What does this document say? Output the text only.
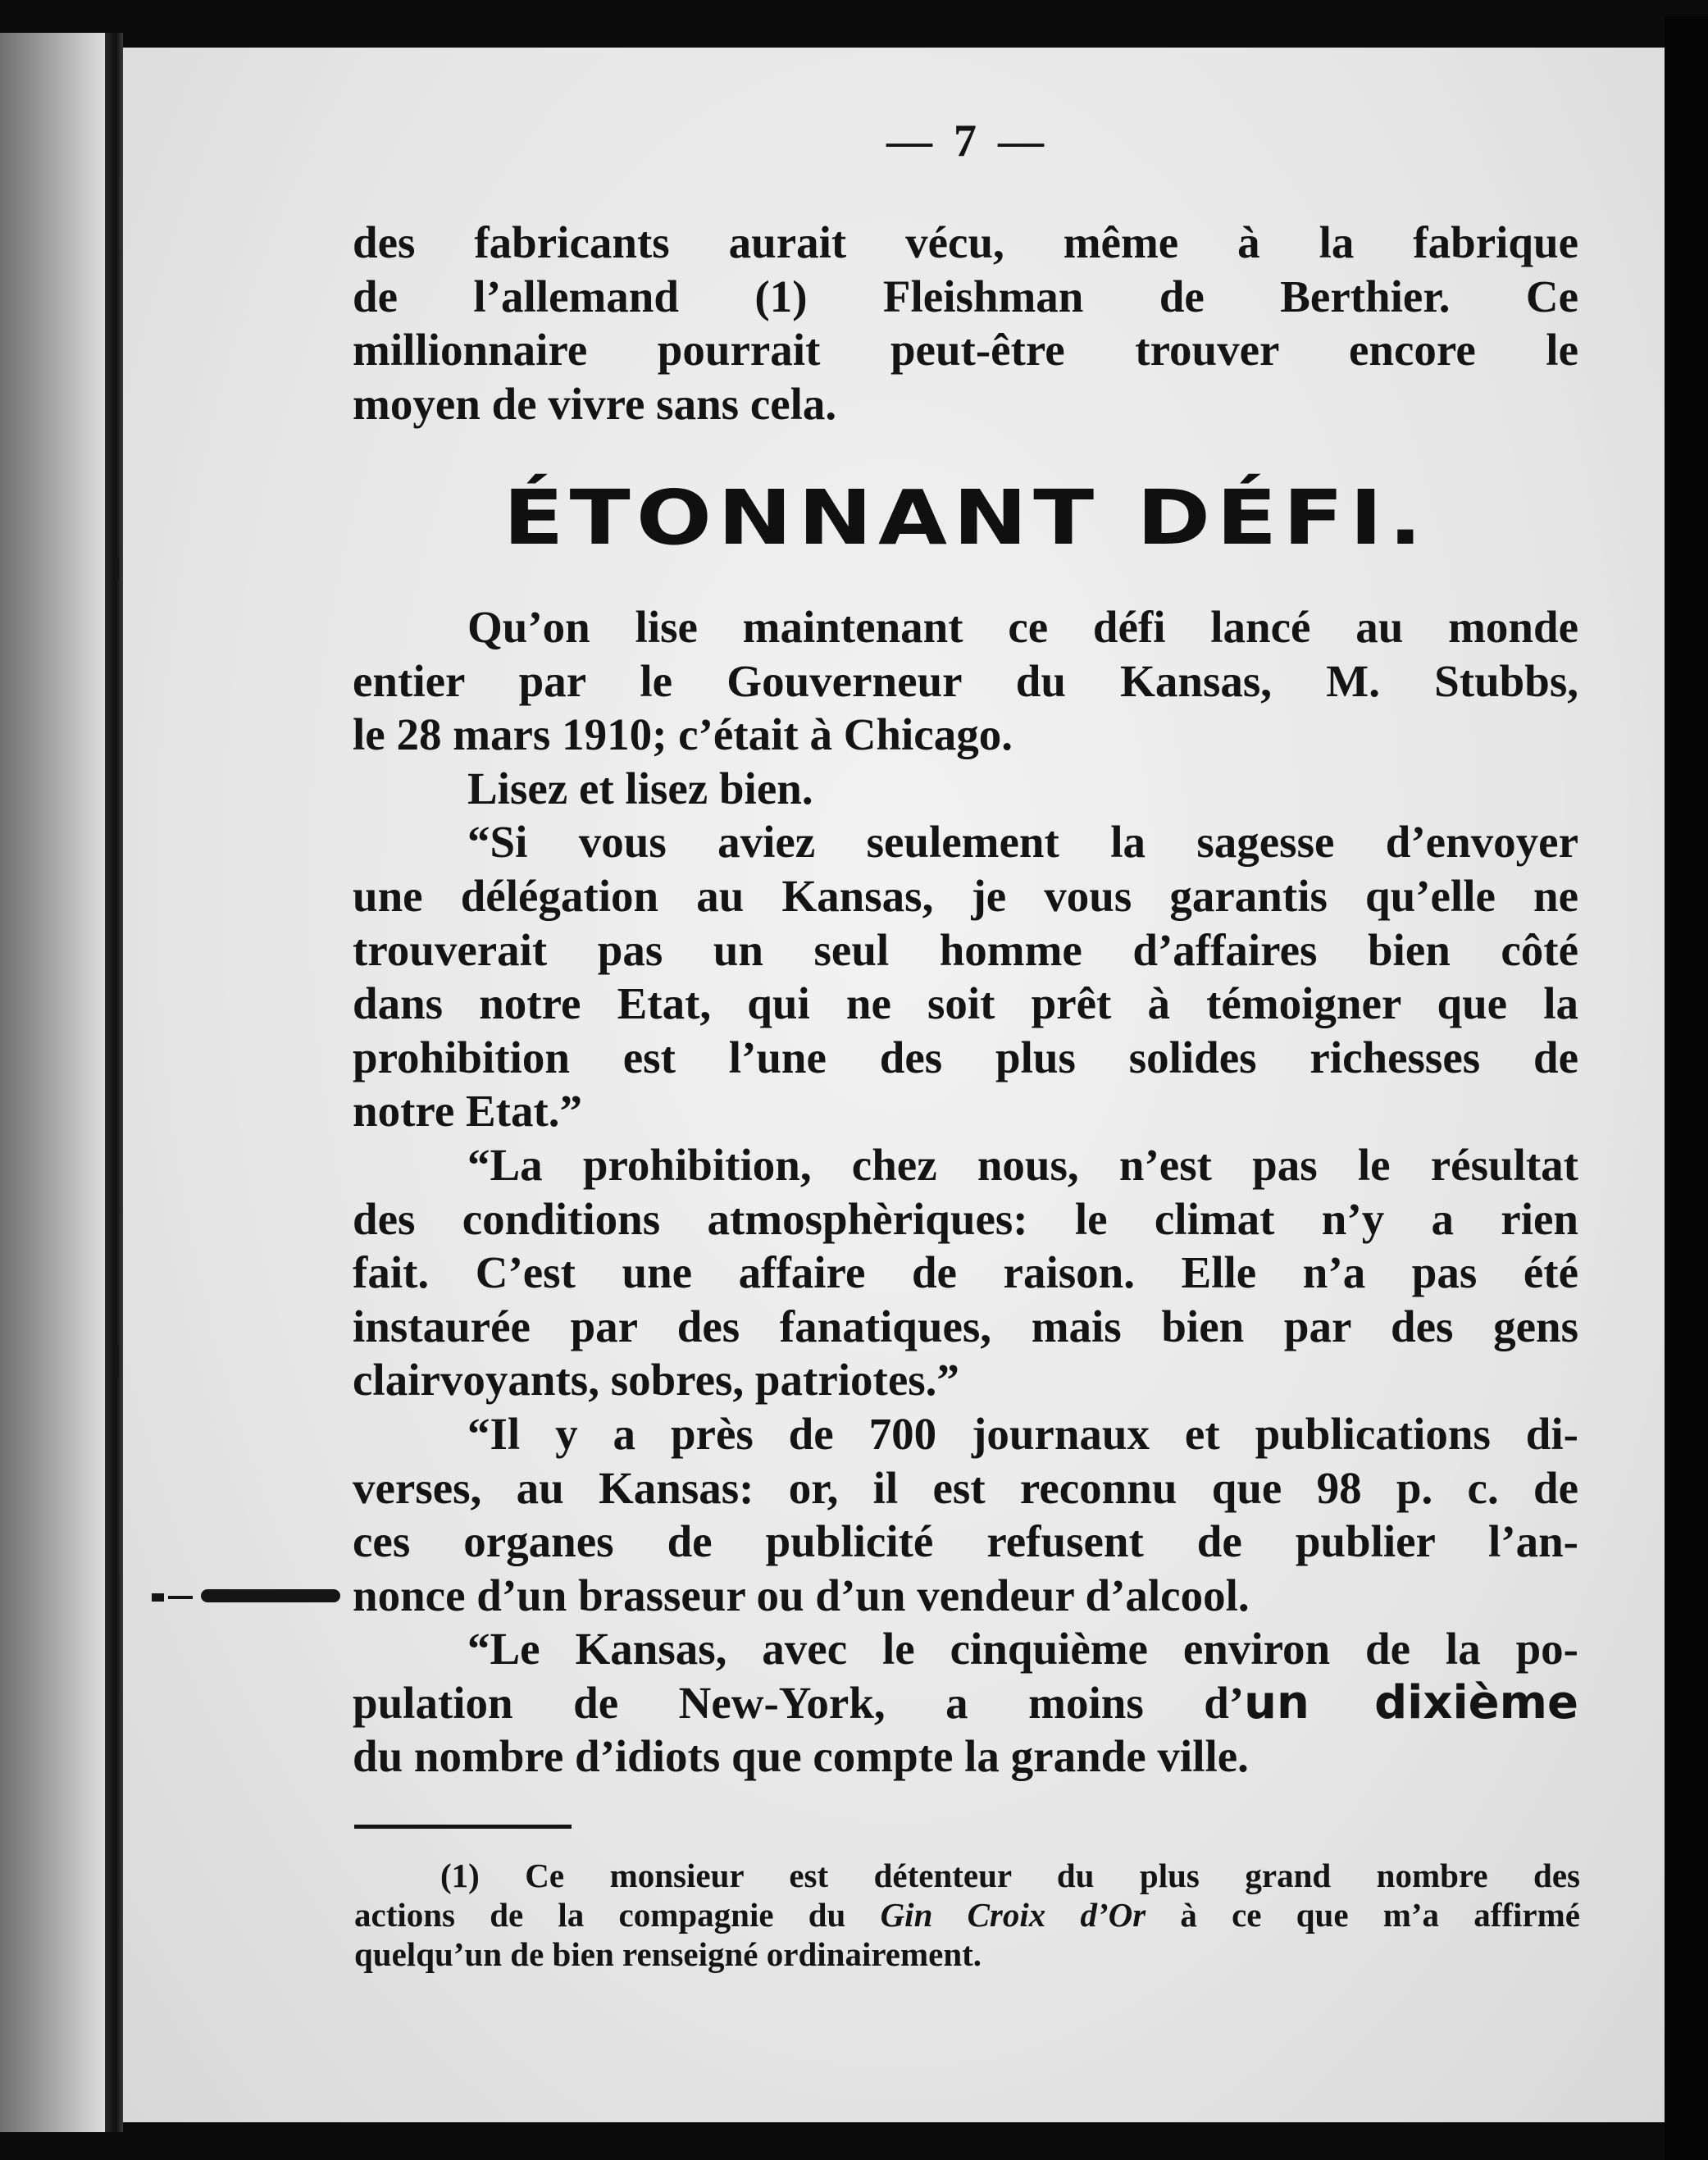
— 7 —
des fabricants aurait vécu, même à la fabrique
de l’allemand (1) Fleishman de Berthier. Ce
millionnaire pourrait peut-être trouver encore le
moyen de vivre sans cela.
ÉTONNANT DÉFI.
Qu’on lise maintenant ce défi lancé au monde
entier par le Gouverneur du Kansas, M. Stubbs,
le 28 mars 1910; c’était à Chicago.
Lisez et lisez bien.
“Si vous aviez seulement la sagesse d’envoyer
une délégation au Kansas, je vous garantis qu’elle ne
trouverait pas un seul homme d’affaires bien côté
dans notre Etat, qui ne soit prêt à témoigner que la
prohibition est l’une des plus solides richesses de
notre Etat.”
“La prohibition, chez nous, n’est pas le résultat
des conditions atmosphèriques: le climat n’y a rien
fait. C’est une affaire de raison. Elle n’a pas été
instaurée par des fanatiques, mais bien par des gens
clairvoyants, sobres, patriotes.”
“Il y a près de 700 journaux et publications di-
verses, au Kansas: or, il est reconnu que 98 p. c. de
ces organes de publicité refusent de publier l’an-
nonce d’un brasseur ou d’un vendeur d’alcool.
“Le Kansas, avec le cinquième environ de la po-
pulation de New-York, a moins d’un dixième
du nombre d’idiots que compte la grande ville.
(1) Ce monsieur est détenteur du plus grand nombre des
actions de la compagnie du Gin Croix d’Or à ce que m’a affirmé
quelqu’un de bien renseigné ordinairement.
